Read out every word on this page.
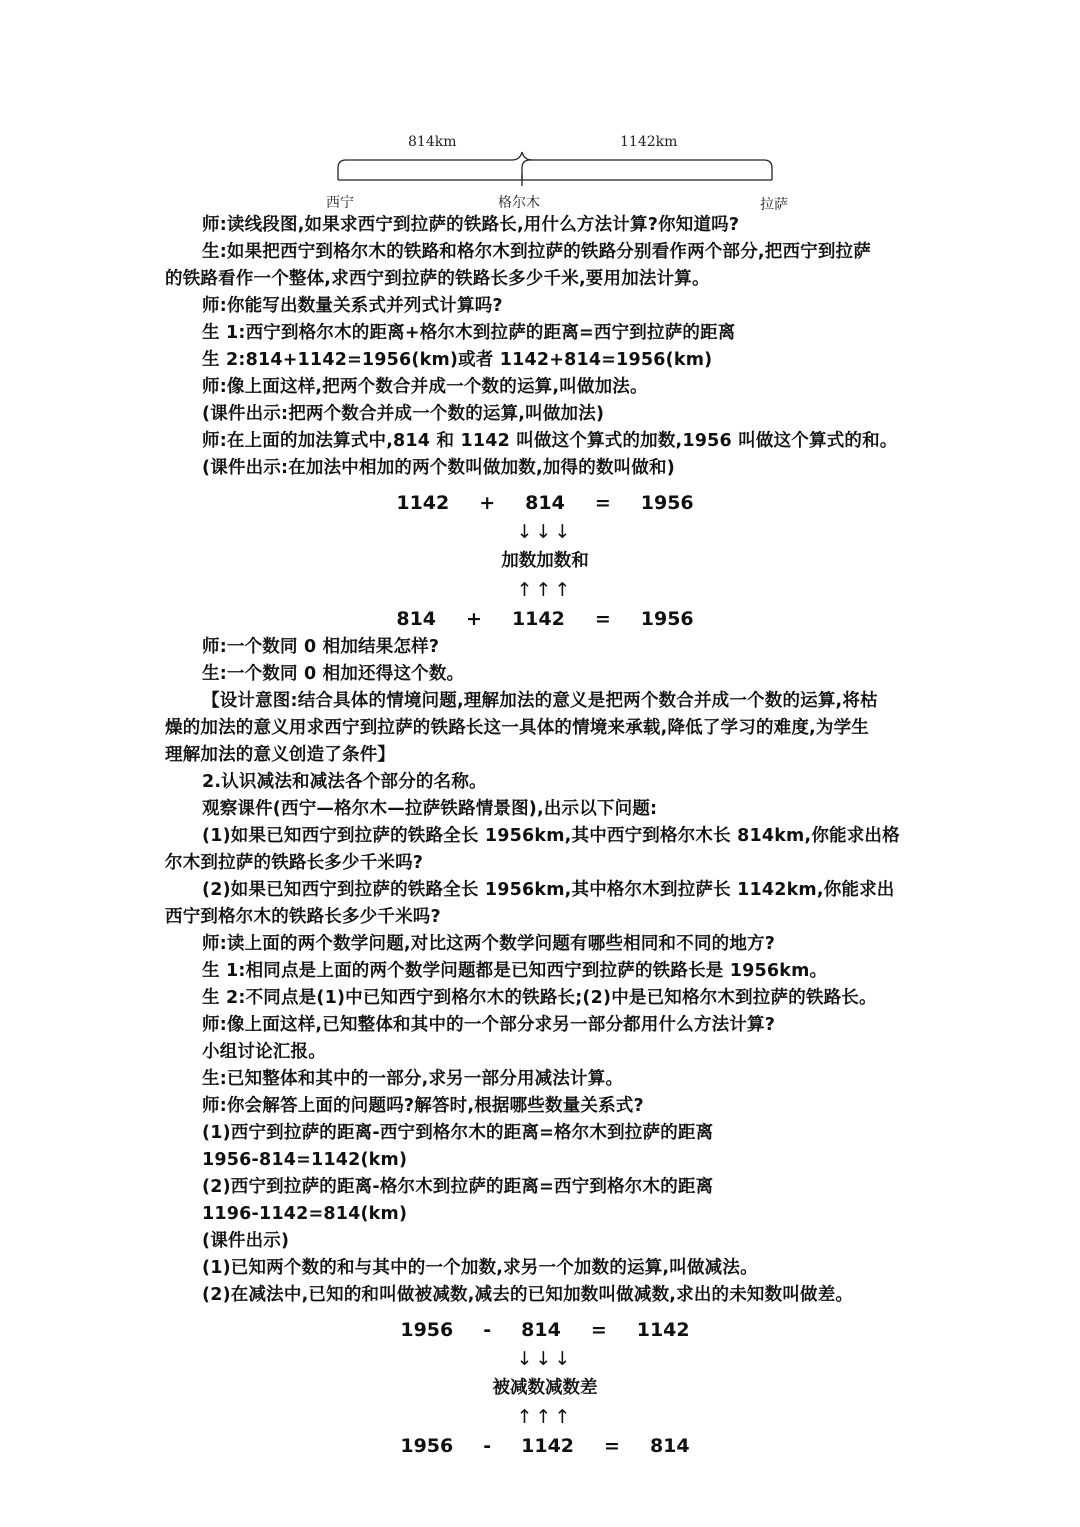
814km	1142km
西宁	格尔木	拉萨
师:读线段图,如果求西宁到拉萨的铁路长,用什么方法计算?你知道吗?
生:如果把西宁到格尔木的铁路和格尔木到拉萨的铁路分别看作两个部分,把西宁到拉萨
的铁路看作一个整体,求西宁到拉萨的铁路长多少千米,要用加法计算。
师:你能写出数量关系式并列式计算吗?
生 1:西宁到格尔木的距离+格尔木到拉萨的距离=西宁到拉萨的距离
生 2:814+1142=1956(km)或者 1142+814=1956(km)
师:像上面这样,把两个数合并成一个数的运算,叫做加法。
(课件出示:把两个数合并成一个数的运算,叫做加法)
师:在上面的加法算式中,814 和 1142 叫做这个算式的加数,1956 叫做这个算式的和。
(课件出示:在加法中相加的两个数叫做加数,加得的数叫做和)
1142 + 814 = 1956
↓↓↓
加数加数和
↑↑↑
814 + 1142 = 1956
师:一个数同 0 相加结果怎样?
生:一个数同 0 相加还得这个数。
【设计意图:结合具体的情境问题,理解加法的意义是把两个数合并成一个数的运算,将枯
燥的加法的意义用求西宁到拉萨的铁路长这一具体的情境来承载,降低了学习的难度,为学生
理解加法的意义创造了条件】
2.认识减法和减法各个部分的名称。
观察课件(西宁—格尔木—拉萨铁路情景图),出示以下问题:
(1)如果已知西宁到拉萨的铁路全长 1956km,其中西宁到格尔木长 814km,你能求出格
尔木到拉萨的铁路长多少千米吗?
(2)如果已知西宁到拉萨的铁路全长 1956km,其中格尔木到拉萨长 1142km,你能求出
西宁到格尔木的铁路长多少千米吗?
师:读上面的两个数学问题,对比这两个数学问题有哪些相同和不同的地方?
生 1:相同点是上面的两个数学问题都是已知西宁到拉萨的铁路长是 1956km。
生 2:不同点是(1)中已知西宁到格尔木的铁路长;(2)中是已知格尔木到拉萨的铁路长。
师:像上面这样,已知整体和其中的一个部分求另一部分都用什么方法计算?
小组讨论汇报。
生:已知整体和其中的一部分,求另一部分用减法计算。
师:你会解答上面的问题吗?解答时,根据哪些数量关系式?
(1)西宁到拉萨的距离-西宁到格尔木的距离=格尔木到拉萨的距离
1956-814=1142(km)
(2)西宁到拉萨的距离-格尔木到拉萨的距离=西宁到格尔木的距离
1196-1142=814(km)
(课件出示)
(1)已知两个数的和与其中的一个加数,求另一个加数的运算,叫做减法。
(2)在减法中,已知的和叫做被减数,减去的已知加数叫做减数,求出的未知数叫做差。
1956 - 814 = 1142
↓↓↓
被减数减数差
↑↑↑
1956 - 1142 = 814
